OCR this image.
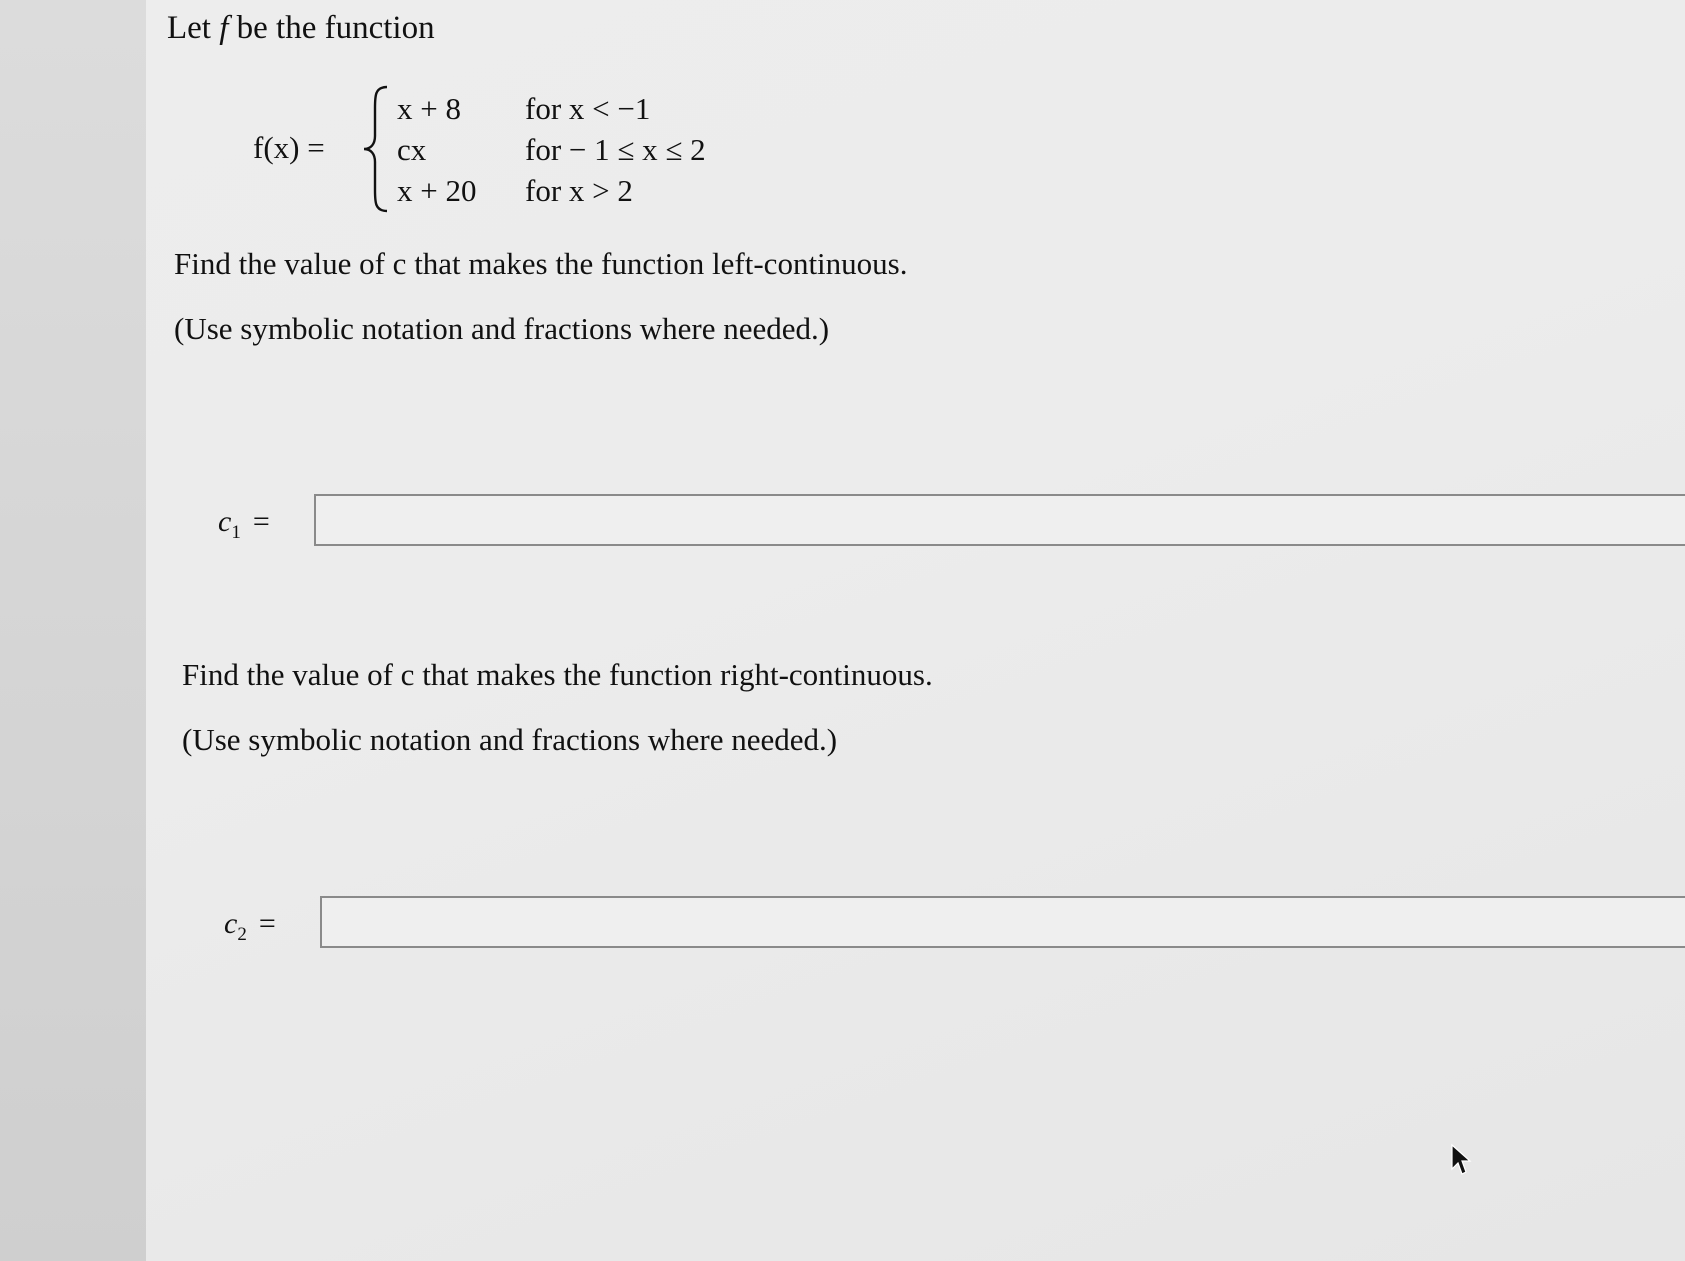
Let f be the function
f(x) =
x + 8 for x < −1
cx	for − 1 ≤ x ≤ 2
x + 20 for x > 2
Find the value of c that makes the function left-continuous.
(Use symbolic notation and fractions where needed.)
$c_1$ =
Find the value of c that makes the function right-continuous.
(Use symbolic notation and fractions where needed.)
$c_2$ =
